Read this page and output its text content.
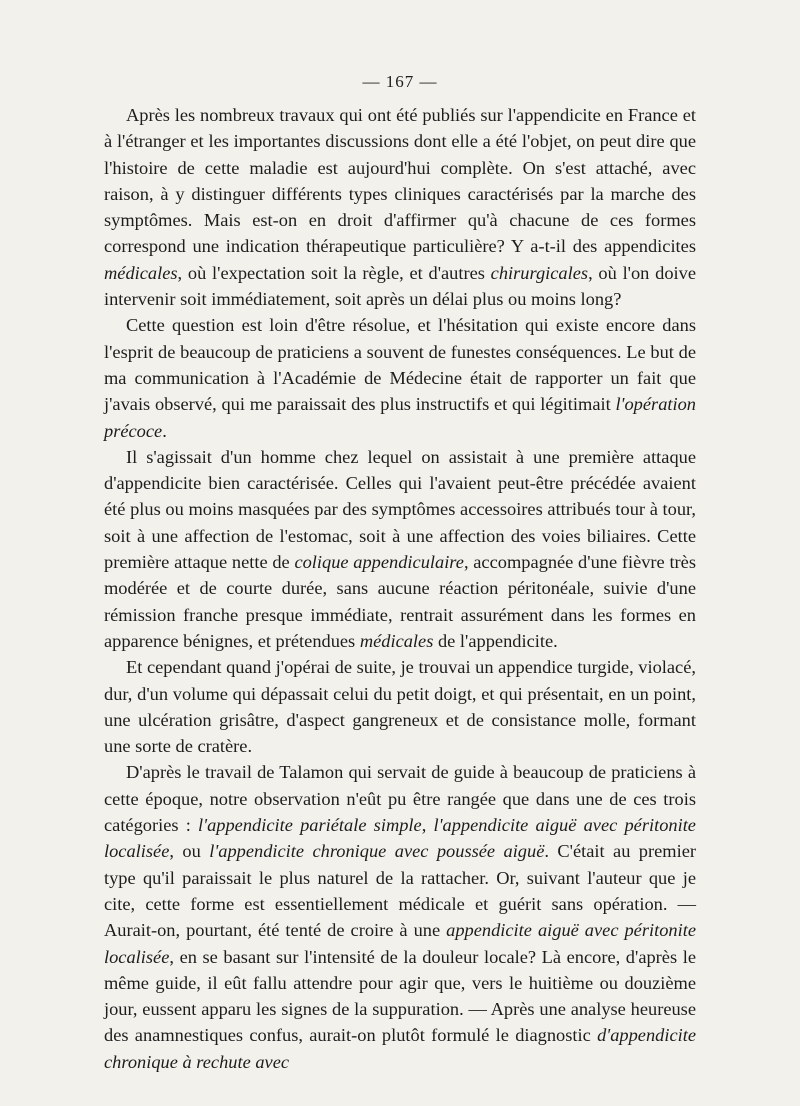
— 167 —

Après les nombreux travaux qui ont été publiés sur l'appendicite en France et à l'étranger et les importantes discussions dont elle a été l'objet, on peut dire que l'histoire de cette maladie est aujourd'hui complète. On s'est attaché, avec raison, à y distinguer différents types cliniques caractérisés par la marche des symptômes. Mais est-on en droit d'affirmer qu'à chacune de ces formes correspond une indication thérapeutique particulière? Y a-t-il des appendicites médicales, où l'expectation soit la règle, et d'autres chirurgicales, où l'on doive intervenir soit immédiatement, soit après un délai plus ou moins long?

Cette question est loin d'être résolue, et l'hésitation qui existe encore dans l'esprit de beaucoup de praticiens a souvent de funestes conséquences. Le but de ma communication à l'Académie de Médecine était de rapporter un fait que j'avais observé, qui me paraissait des plus instructifs et qui légitimait l'opération précoce.

Il s'agissait d'un homme chez lequel on assistait à une première attaque d'appendicite bien caractérisée. Celles qui l'avaient peut-être précédée avaient été plus ou moins masquées par des symptômes accessoires attribués tour à tour, soit à une affection de l'estomac, soit à une affection des voies biliaires. Cette première attaque nette de colique appendiculaire, accompagnée d'une fièvre très modérée et de courte durée, sans aucune réaction péritonéale, suivie d'une rémission franche presque immédiate, rentrait assurément dans les formes en apparence bénignes, et prétendues médicales de l'appendicite.

Et cependant quand j'opérai de suite, je trouvai un appendice turgide, violacé, dur, d'un volume qui dépassait celui du petit doigt, et qui présentait, en un point, une ulcération grisâtre, d'aspect gangreneux et de consistance molle, formant une sorte de cratère.

D'après le travail de Talamon qui servait de guide à beaucoup de praticiens à cette époque, notre observation n'eût pu être rangée que dans une de ces trois catégories : l'appendicite pariétale simple, l'appendicite aiguë avec péritonite localisée, ou l'appendicite chronique avec poussée aiguë. C'était au premier type qu'il paraissait le plus naturel de la rattacher. Or, suivant l'auteur que je cite, cette forme est essentiellement médicale et guérit sans opération. — Aurait-on, pourtant, été tenté de croire à une appendicite aiguë avec péritonite localisée, en se basant sur l'intensité de la douleur locale? Là encore, d'après le même guide, il eût fallu attendre pour agir que, vers le huitième ou douzième jour, eussent apparu les signes de la suppuration. — Après une analyse heureuse des anamnestiques confus, aurait-on plutôt formulé le diagnostic d'appendicite chronique à rechute avec
